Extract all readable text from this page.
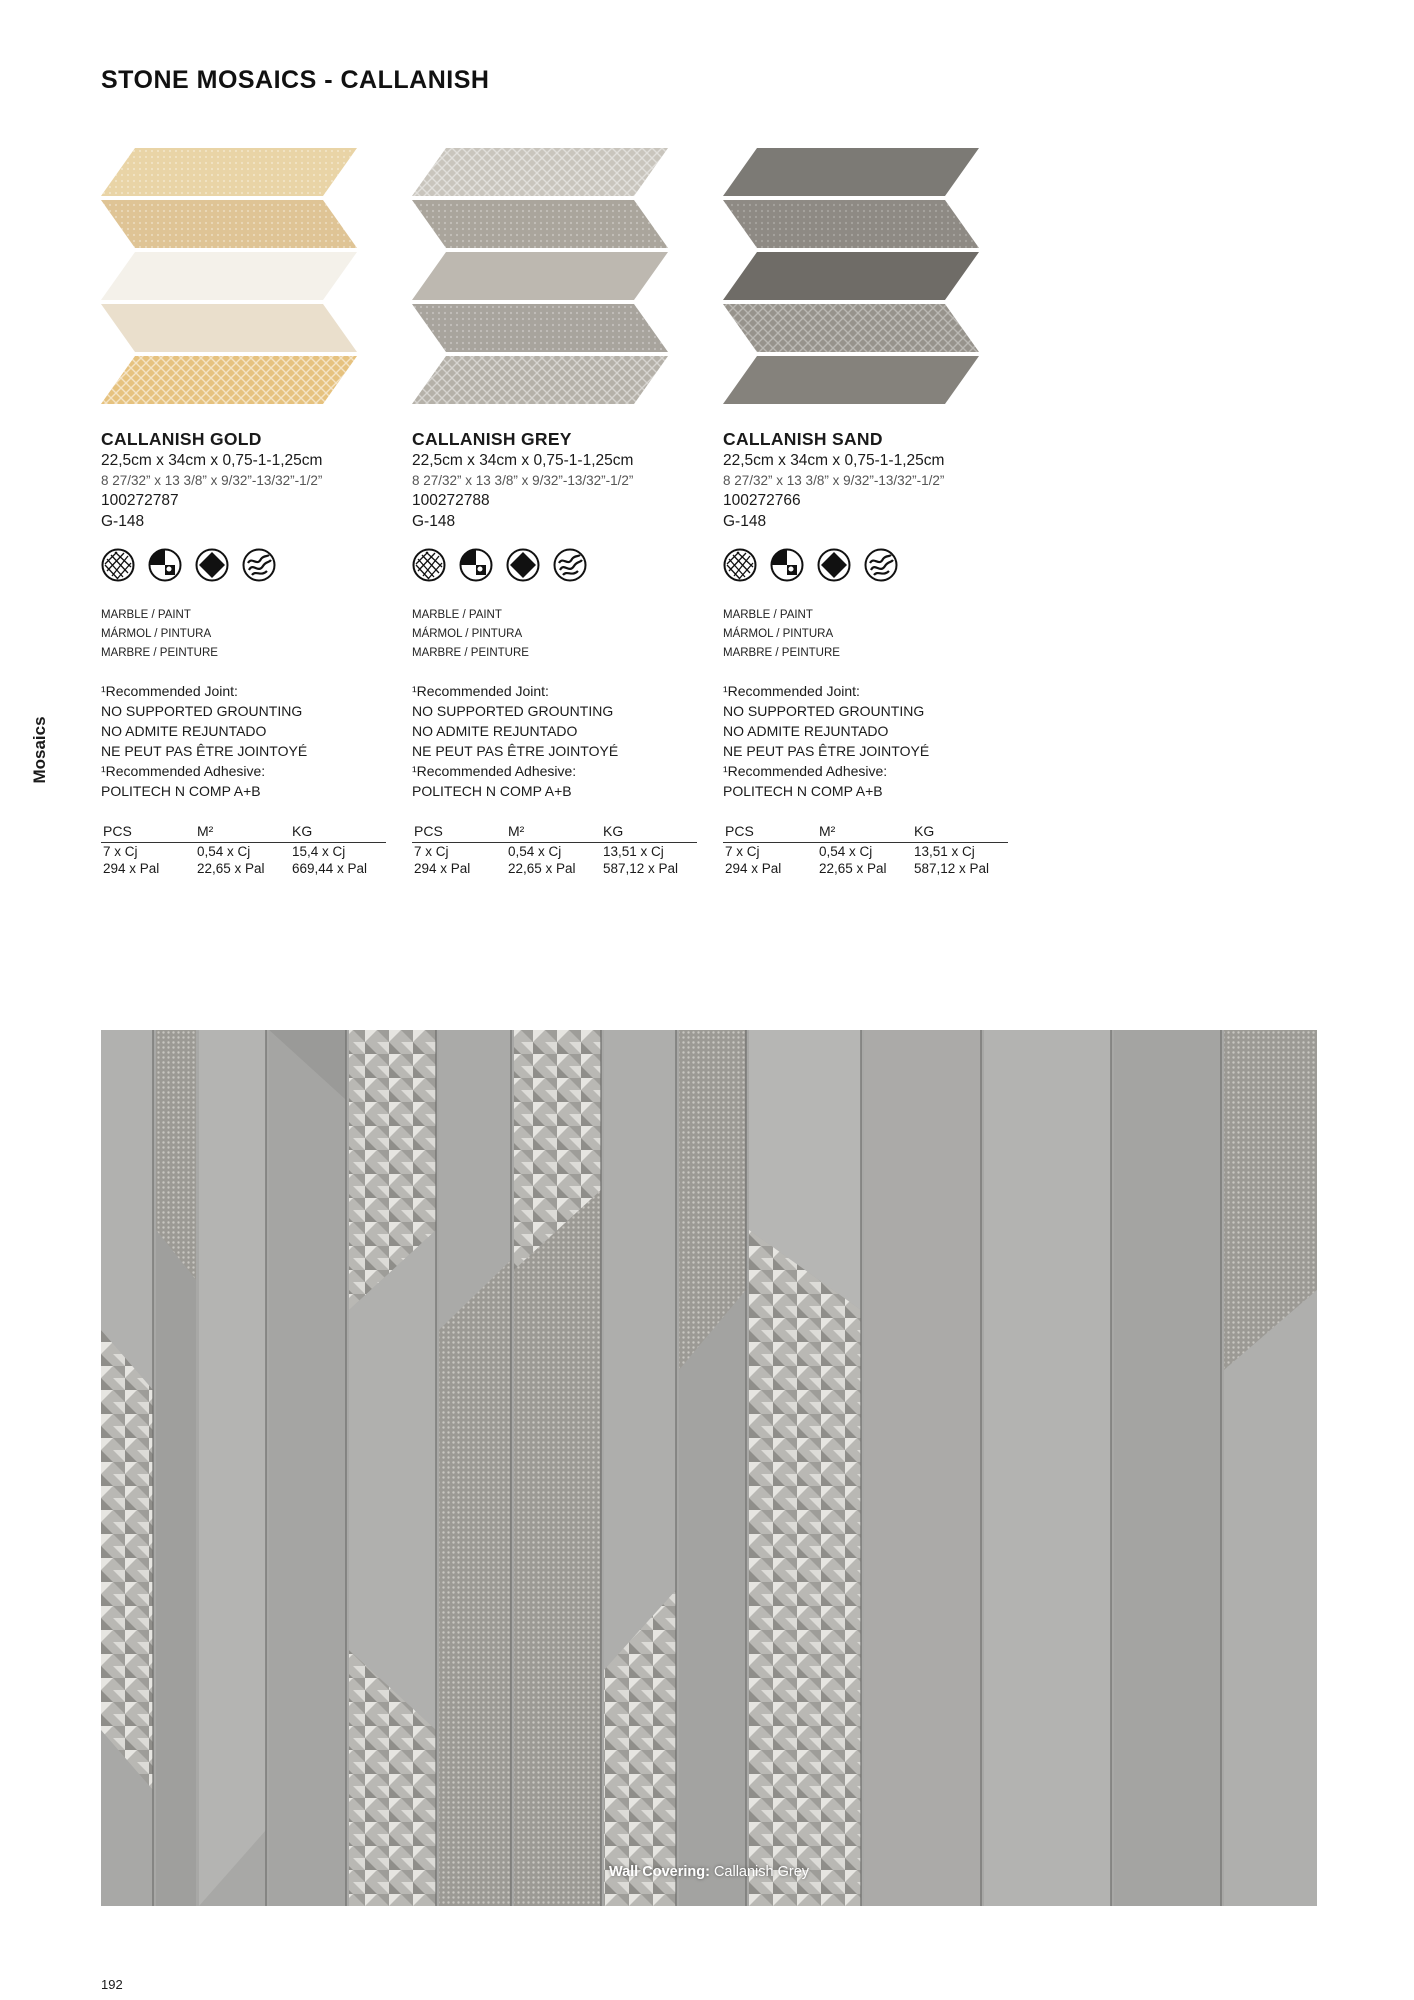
STONE MOSAICS - CALLANISH
Mosaics
CALLANISH GOLD
22,5cm x 34cm x 0,75-1-1,25cm
8 27/32” x 13 3/8” x 9/32”-13/32”-1/2”
100272787
G-148
MARBLE / PAINT
MÁRMOL / PINTURA
MARBRE / PEINTURE
¹Recommended Joint:
NO SUPPORTED GROUNTING
NO ADMITE REJUNTADO
NE PEUT PAS ÊTRE JOINTOYÉ
¹Recommended Adhesive:
POLITECH N COMP A+B
PCS	M²	KG
7 x Cj	0,54 x Cj	15,4 x Cj
294 x Pal	22,65 x Pal	669,44 x Pal
CALLANISH GREY
22,5cm x 34cm x 0,75-1-1,25cm
8 27/32” x 13 3/8” x 9/32”-13/32”-1/2”
100272788
G-148
MARBLE / PAINT
MÁRMOL / PINTURA
MARBRE / PEINTURE
¹Recommended Joint:
NO SUPPORTED GROUNTING
NO ADMITE REJUNTADO
NE PEUT PAS ÊTRE JOINTOYÉ
¹Recommended Adhesive:
POLITECH N COMP A+B
PCS	M²	KG
7 x Cj	0,54 x Cj	13,51 x Cj
294 x Pal	22,65 x Pal	587,12 x Pal
CALLANISH SAND
22,5cm x 34cm x 0,75-1-1,25cm
8 27/32” x 13 3/8” x 9/32”-13/32”-1/2”
100272766
G-148
MARBLE / PAINT
MÁRMOL / PINTURA
MARBRE / PEINTURE
¹Recommended Joint:
NO SUPPORTED GROUNTING
NO ADMITE REJUNTADO
NE PEUT PAS ÊTRE JOINTOYÉ
¹Recommended Adhesive:
POLITECH N COMP A+B
PCS	M²	KG
7 x Cj	0,54 x Cj	13,51 x Cj
294 x Pal	22,65 x Pal	587,12 x Pal
Wall Covering: Callanish Grey
192
